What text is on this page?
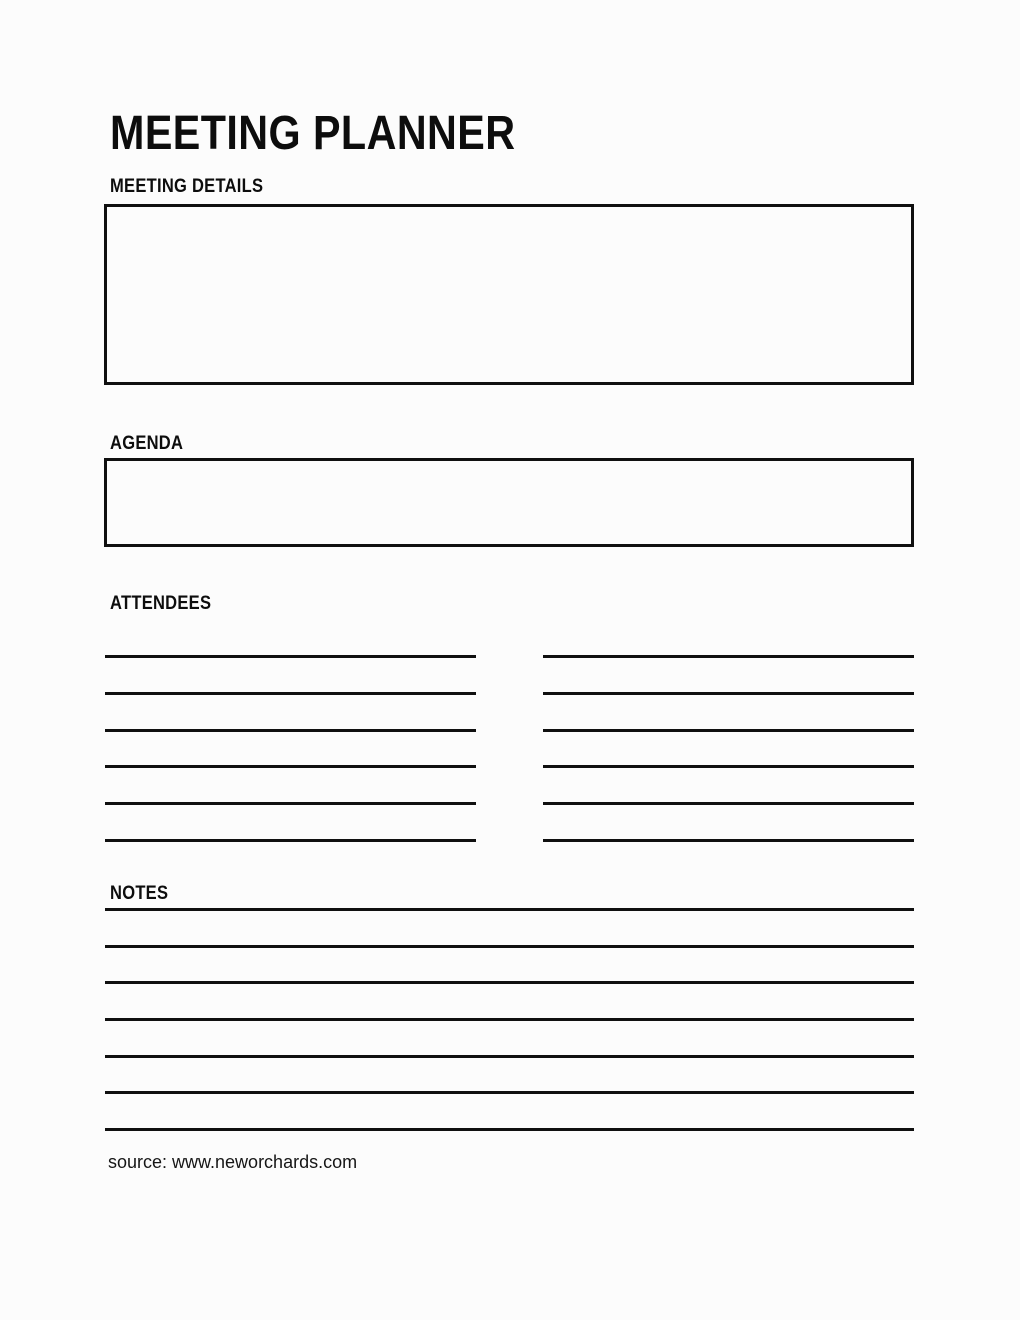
MEETING PLANNER
MEETING DETAILS
AGENDA
ATTENDEES
NOTES
source: www.neworchards.com
